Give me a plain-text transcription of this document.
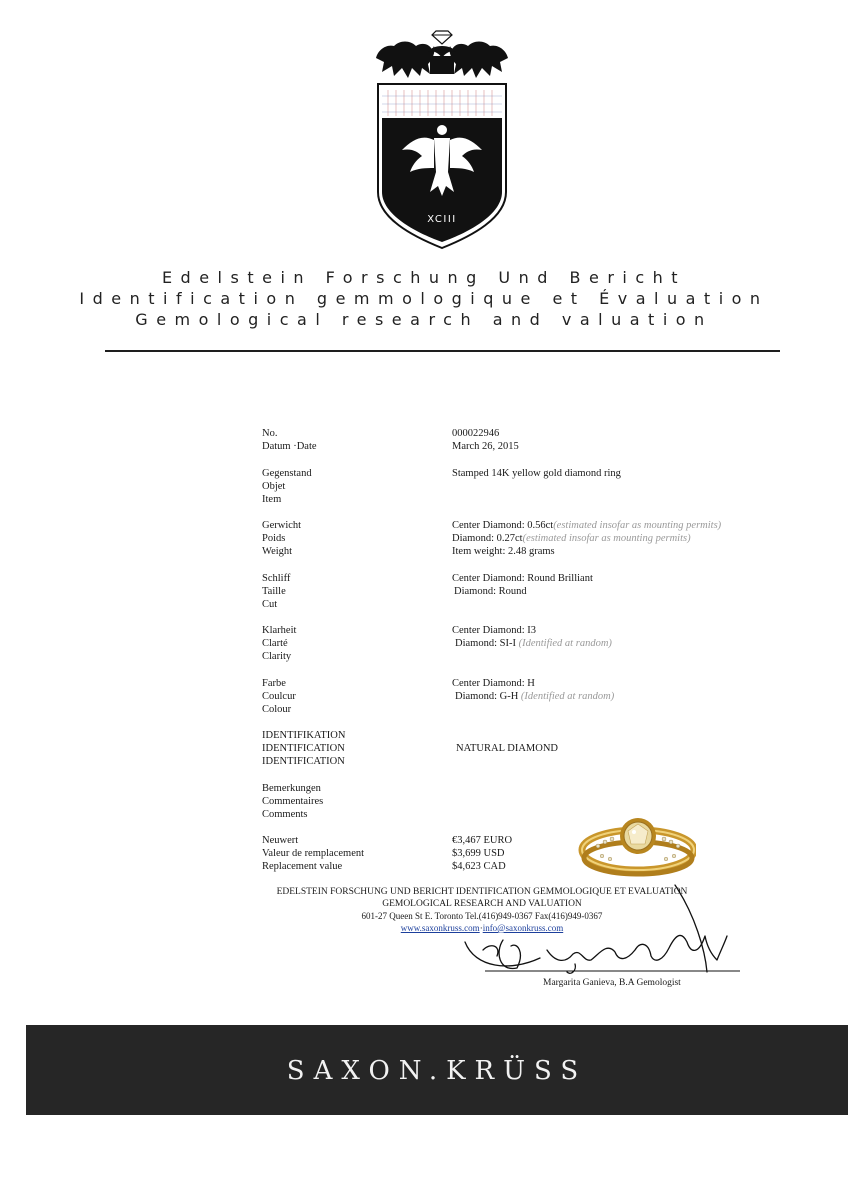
XCIII
Edelstein Forschung Und Bericht
Identification gemmologique et Évaluation
Gemological research and valuation
No.
Datum ·Date
Gegenstand
Objet
Item
Gerwicht
Poids
Weight
Schliff
Taille
Cut
Klarheit
Clarté
Clarity
Farbe
Coulcur
Colour
IDENTIFIKATION
IDENTIFICATION
IDENTIFICATION
Bemerkungen
Commentaires
Comments
Neuwert
Valeur de remplacement
Replacement value
000022946
March 26, 2015
Stamped 14K yellow gold diamond ring
Center Diamond: 0.56ct(estimated insofar as mounting permits)
Diamond: 0.27ct(estimated insofar as mounting permits)
Item weight: 2.48 grams
Center Diamond: Round Brilliant
Diamond: Round
Center Diamond: I3
Diamond: SI-I (Identified at random)
Center Diamond: H
Diamond: G-H (Identified at random)
NATURAL DIAMOND
€3,467 EURO
$3,699 USD
$4,623 CAD
EDELSTEIN FORSCHUNG UND BERICHT IDENTIFICATION GEMMOLOGIQUE ET EVALUATION
GEMOLOGICAL RESEARCH AND VALUATION
601-27 Queen St E. Toronto Tel.(416)949-0367 Fax(416)949-0367
www.saxonkruss.com·info@saxonkruss.com
Margarita Ganieva, B.A Gemologist
SAXON.KRÜSS
